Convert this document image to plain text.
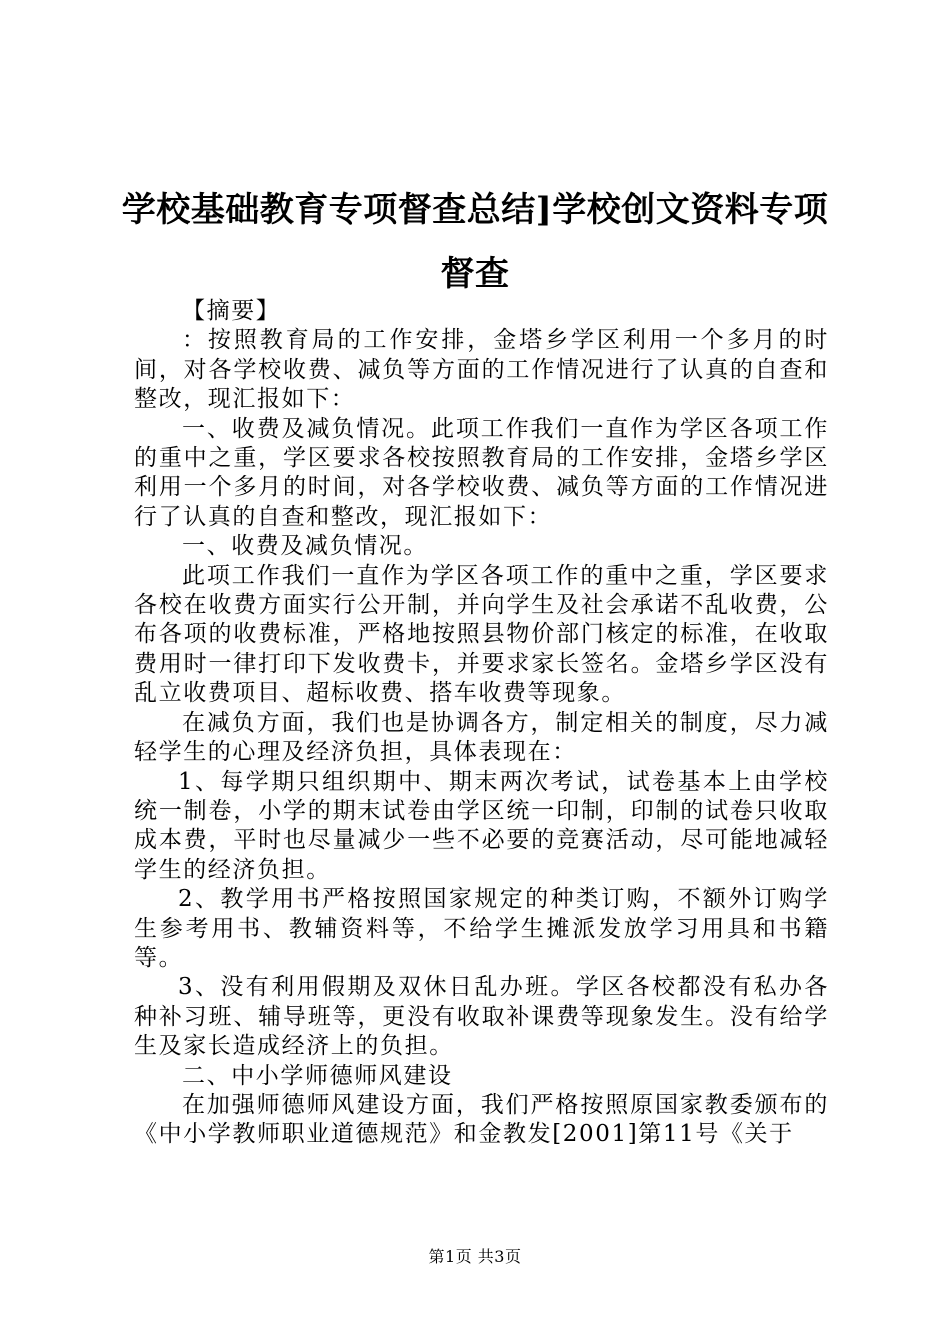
学校基础教育专项督查总结]学校创文资料专项督查

【摘要】

：按照教育局的工作安排，金塔乡学区利用一个多月的时间，对各学校收费、减负等方面的工作情况进行了认真的自查和整改，现汇报如下：

一、收费及减负情况。此项工作我们一直作为学区各项工作的重中之重，学区要求各校按照教育局的工作安排，金塔乡学区利用一个多月的时间，对各学校收费、减负等方面的工作情况进行了认真的自查和整改，现汇报如下：

一、收费及减负情况。

此项工作我们一直作为学区各项工作的重中之重，学区要求各校在收费方面实行公开制，并向学生及社会承诺不乱收费，公布各项的收费标准，严格地按照县物价部门核定的标准，在收取费用时一律打印下发收费卡，并要求家长签名。金塔乡学区没有乱立收费项目、超标收费、搭车收费等现象。

在减负方面，我们也是协调各方，制定相关的制度，尽力减轻学生的心理及经济负担，具体表现在：

1、每学期只组织期中、期末两次考试，试卷基本上由学校统一制卷，小学的期末试卷由学区统一印制，印制的试卷只收取成本费，平时也尽量减少一些不必要的竞赛活动，尽可能地减轻学生的经济负担。

2、教学用书严格按照国家规定的种类订购，不额外订购学生参考用书、教辅资料等，不给学生摊派发放学习用具和书籍等。

3、没有利用假期及双休日乱办班。学区各校都没有私办各种补习班、辅导班等，更没有收取补课费等现象发生。没有给学生及家长造成经济上的负担。

二、中小学师德师风建设

在加强师德师风建设方面，我们严格按照原国家教委颁布的《中小学教师职业道德规范》和金教发[2001]第11号《关于

第1页 共3页
